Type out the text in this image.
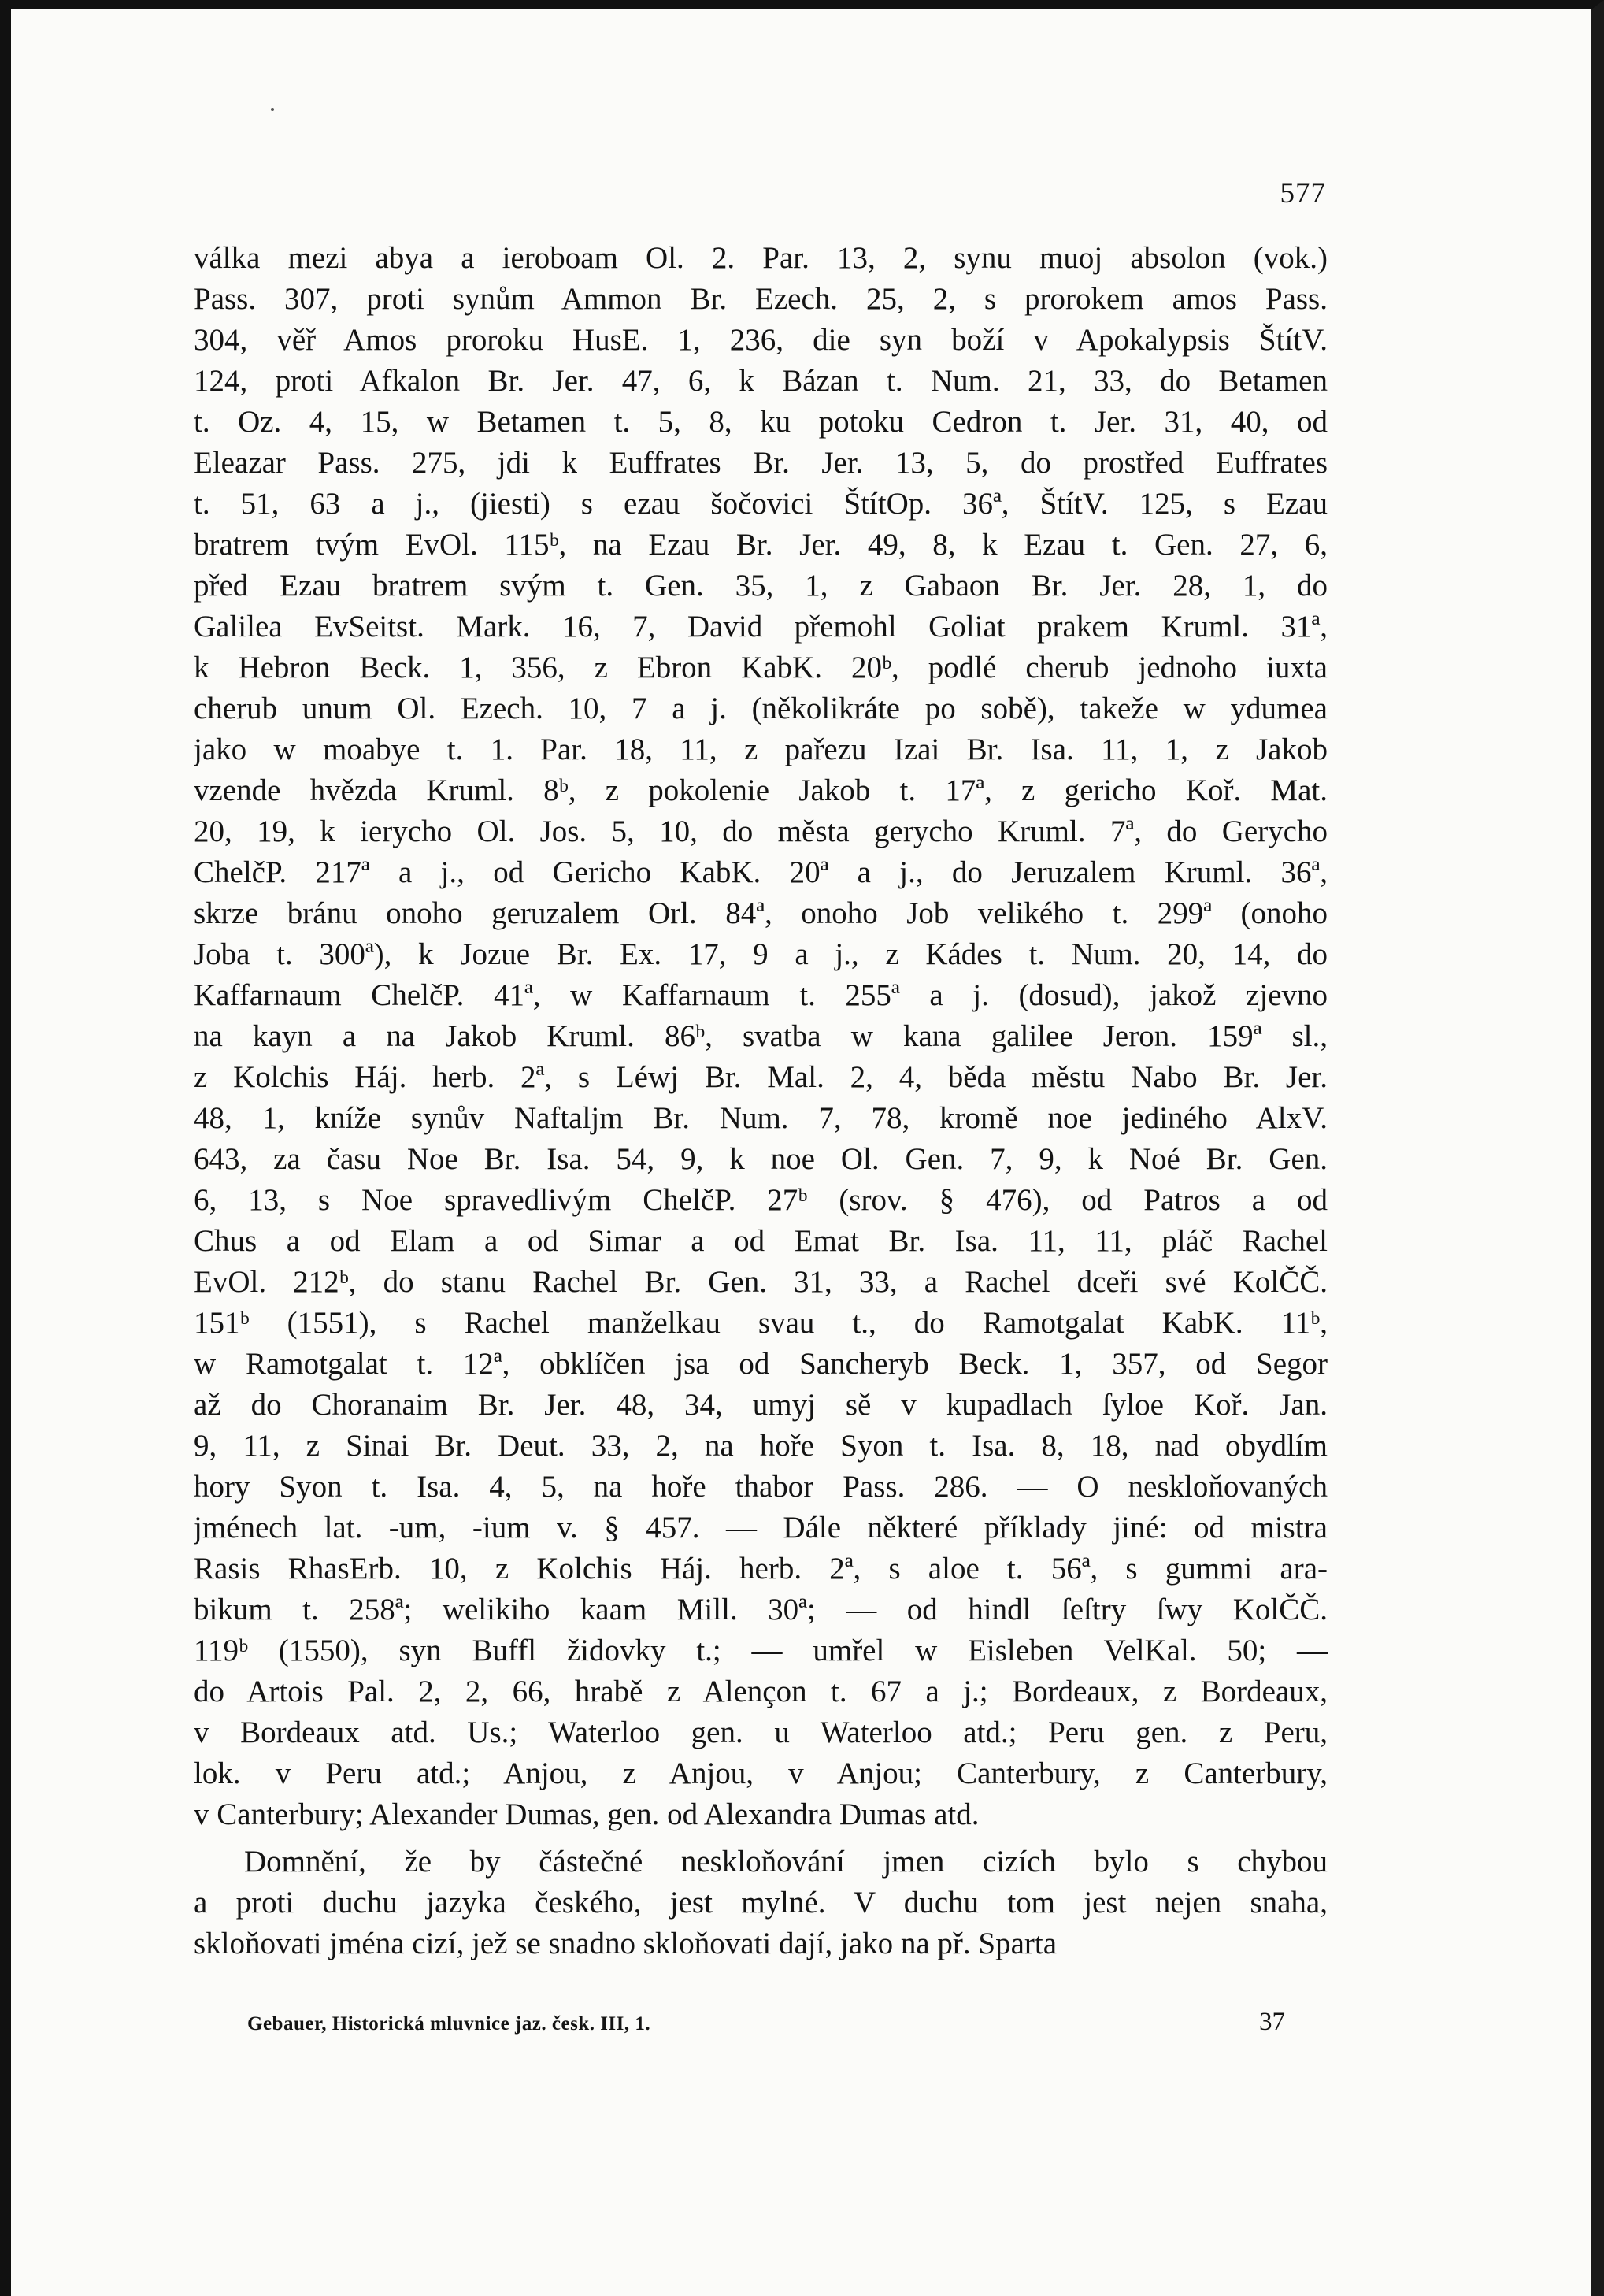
577
válka mezi abya a ieroboam Ol. 2. Par. 13, 2, synu muoj absolon (vok.)
Pass. 307, proti synům Ammon Br. Ezech. 25, 2, s prorokem amos Pass.
304, věř Amos proroku HusE. 1, 236, die syn boží v Apokalypsis ŠtítV.
124, proti Afkalon Br. Jer. 47, 6, k Bázan t. Num. 21, 33, do Betamen
t. Oz. 4, 15, w Betamen t. 5, 8, ku potoku Cedron t. Jer. 31, 40, od
Eleazar Pass. 275, jdi k Euffrates Br. Jer. 13, 5, do prostřed Euffrates
t. 51, 63 a j., (jiesti) s ezau šočovici ŠtítOp. 36ª, ŠtítV. 125, s Ezau
bratrem tvým EvOl. 115ᵇ, na Ezau Br. Jer. 49, 8, k Ezau t. Gen. 27, 6,
před Ezau bratrem svým t. Gen. 35, 1, z Gabaon Br. Jer. 28, 1, do
Galilea EvSeitst. Mark. 16, 7, David přemohl Goliat prakem Kruml. 31ª,
k Hebron Beck. 1, 356, z Ebron KabK. 20ᵇ, podlé cherub jednoho iuxta
cherub unum Ol. Ezech. 10, 7 a j. (několikráte po sobě), takeže w ydumea
jako w moabye t. 1. Par. 18, 11, z pařezu Izai Br. Isa. 11, 1, z Jakob
vzende hvězda Kruml. 8ᵇ, z pokolenie Jakob t. 17ª, z gericho Koř. Mat.
20, 19, k ierycho Ol. Jos. 5, 10, do města gerycho Kruml. 7ª, do Gerycho
ChelčP. 217ª a j., od Gericho KabK. 20ª a j., do Jeruzalem Kruml. 36ª,
skrze bránu onoho geruzalem Orl. 84ª, onoho Job velikého t. 299ª (onoho
Joba t. 300ª), k Jozue Br. Ex. 17, 9 a j., z Kádes t. Num. 20, 14, do
Kaffarnaum ChelčP. 41ª, w Kaffarnaum t. 255ª a j. (dosud), jakož zjevno
na kayn a na Jakob Kruml. 86ᵇ, svatba w kana galilee Jeron. 159ª sl.,
z Kolchis Háj. herb. 2ª, s Léwj Br. Mal. 2, 4, běda městu Nabo Br. Jer.
48, 1, kníže synův Naftaljm Br. Num. 7, 78, kromě noe jediného AlxV.
643, za času Noe Br. Isa. 54, 9, k noe Ol. Gen. 7, 9, k Noé Br. Gen.
6, 13, s Noe spravedlivým ChelčP. 27ᵇ (srov. § 476), od Patros a od
Chus a od Elam a od Simar a od Emat Br. Isa. 11, 11, pláč Rachel
EvOl. 212ᵇ, do stanu Rachel Br. Gen. 31, 33, a Rachel dceři své KolČČ.
151ᵇ (1551), s Rachel manželkau svau t., do Ramotgalat KabK. 11ᵇ,
w Ramotgalat t. 12ª, obklíčen jsa od Sancheryb Beck. 1, 357, od Segor
až do Choranaim Br. Jer. 48, 34, umyj sě v kupadlach ſyloe Koř. Jan.
9, 11, z Sinai Br. Deut. 33, 2, na hoře Syon t. Isa. 8, 18, nad obydlím
hory Syon t. Isa. 4, 5, na hoře thabor Pass. 286. — O neskloňovaných
jménech lat. -um, -ium v. § 457. — Dále některé příklady jiné: od mistra
Rasis RhasErb. 10, z Kolchis Háj. herb. 2ª, s aloe t. 56ª, s gummi ara-
bikum t. 258ª; welikiho kaam Mill. 30ª; — od hindl ſeſtry ſwy KolČČ.
119ᵇ (1550), syn Buffl židovky t.; — umřel w Eisleben VelKal. 50; —
do Artois Pal. 2, 2, 66, hrabě z Alençon t. 67 a j.; Bordeaux, z Bordeaux,
v Bordeaux atd. Us.; Waterloo gen. u Waterloo atd.; Peru gen. z Peru,
lok. v Peru atd.; Anjou, z Anjou, v Anjou; Canterbury, z Canterbury,
v Canterbury; Alexander Dumas, gen. od Alexandra Dumas atd.
Domnění, že by částečné neskloňování jmen cizích bylo s chybou
a proti duchu jazyka českého, jest mylné. V duchu tom jest nejen snaha,
skloňovati jména cizí, jež se snadno skloňovati dají, jako na př. Sparta
Gebauer, Historická mluvnice jaz. česk. III, 1.	37
